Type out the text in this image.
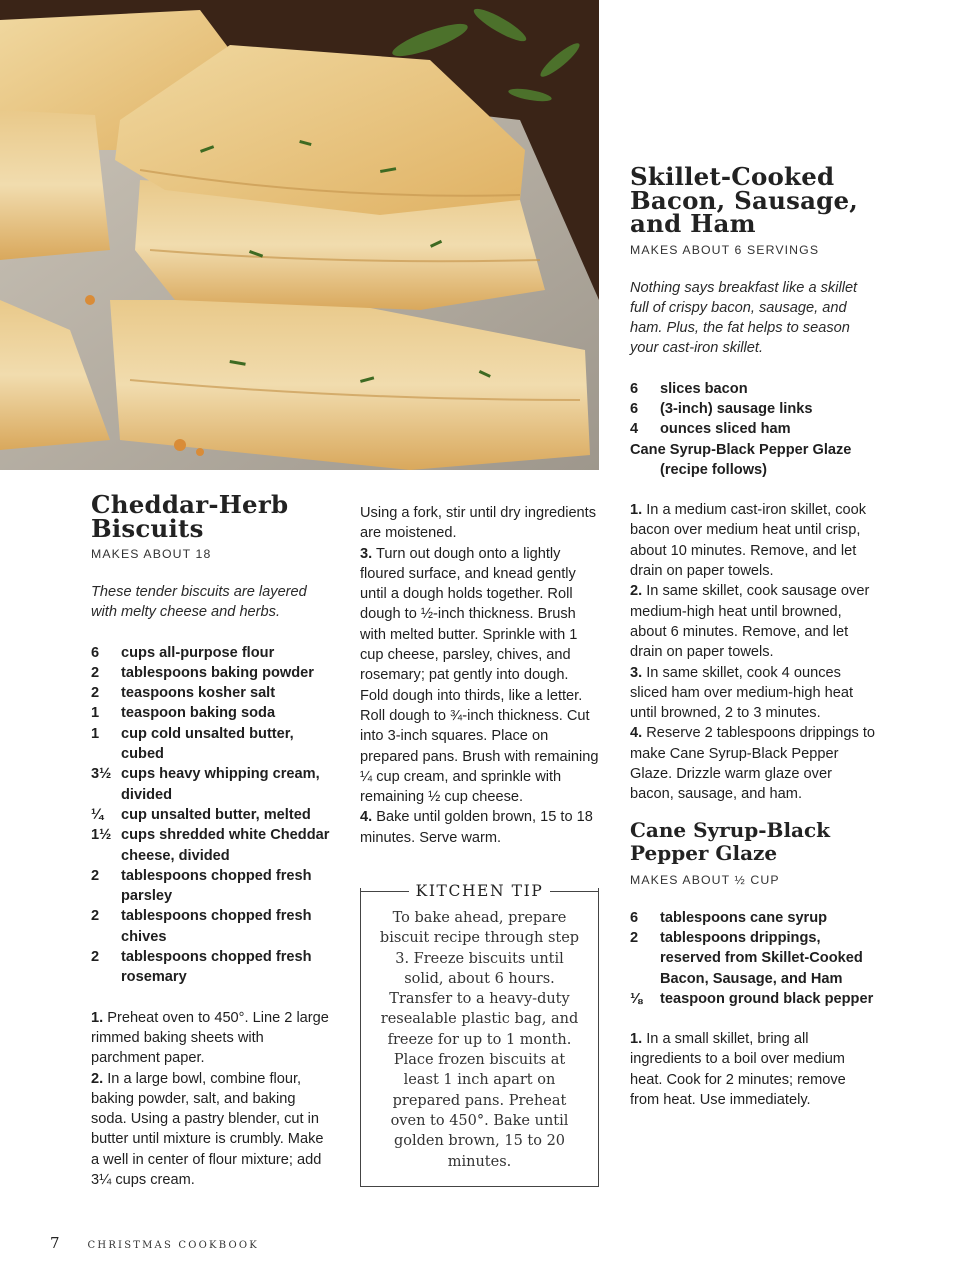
Cheddar-Herb
Biscuits
MAKES ABOUT 18
These tender biscuits are layered with melty cheese and herbs.
6	cups all-purpose flour
2	tablespoons baking powder
2	teaspoons kosher salt
1	teaspoon baking soda
1	cup cold unsalted butter, cubed
3½ cups heavy whipping cream, divided
¼	cup unsalted butter, melted
1½ cups shredded white Cheddar cheese, divided
2	tablespoons chopped fresh parsley
2	tablespoons chopped fresh chives
2	tablespoons chopped fresh rosemary

1. Preheat oven to 450°. Line 2 large rimmed baking sheets with parchment paper.

2. In a large bowl, combine flour, baking powder, salt, and baking soda. Using a pastry blender, cut in butter until mixture is crumbly. Make a well in center of flour mixture; add 3¼ cups cream.

Using a fork, stir until dry ingredients are moistened.

3. Turn out dough onto a lightly floured surface, and knead gently until a dough holds together. Roll dough to ½-inch thickness. Brush with melted butter. Sprinkle with 1 cup cheese, parsley, chives, and rosemary; pat gently into dough. Fold dough into thirds, like a letter. Roll dough to ¾-inch thickness. Cut into 3-inch squares. Place on prepared pans. Brush with remaining ¼ cup cream, and sprinkle with remaining ½ cup cheese.

4. Bake until golden brown, 15 to 18 minutes. Serve warm.

KITCHEN TIP
To bake ahead, prepare biscuit recipe through step 3. Freeze biscuits until solid, about 6 hours. Transfer to a heavy-duty resealable plastic bag, and freeze for up to 1 month. Place frozen biscuits at least 1 inch apart on prepared pans. Preheat oven to 450°. Bake until golden brown, 15 to 20 minutes.
Skillet-Cooked
Bacon, Sausage,
and Ham
MAKES ABOUT 6 SERVINGS
Nothing says breakfast like a skillet full of crispy bacon, sausage, and ham. Plus, the fat helps to season your cast-iron skillet.
6	slices bacon
6	(3-inch) sausage links
4	ounces sliced ham
Cane Syrup-Black Pepper Glaze
(recipe follows)

1. In a medium cast-iron skillet, cook bacon over medium heat until crisp, about 10 minutes. Remove, and let drain on paper towels.

2. In same skillet, cook sausage over medium-high heat until browned, about 6 minutes. Remove, and let drain on paper towels.

3. In same skillet, cook 4 ounces sliced ham over medium-high heat until browned, 2 to 3 minutes.

4. Reserve 2 tablespoons drippings to make Cane Syrup-Black Pepper Glaze. Drizzle warm glaze over bacon, sausage, and ham.

Cane Syrup-Black
Pepper Glaze
MAKES ABOUT ½ CUP
6	tablespoons cane syrup
2	tablespoons drippings, reserved from Skillet-Cooked Bacon, Sausage, and Ham
⅛	teaspoon ground black pepper

1. In a small skillet, bring all ingredients to a boil over medium heat. Cook for 2 minutes; remove from heat. Use immediately.

7	CHRISTMAS COOKBOOK
